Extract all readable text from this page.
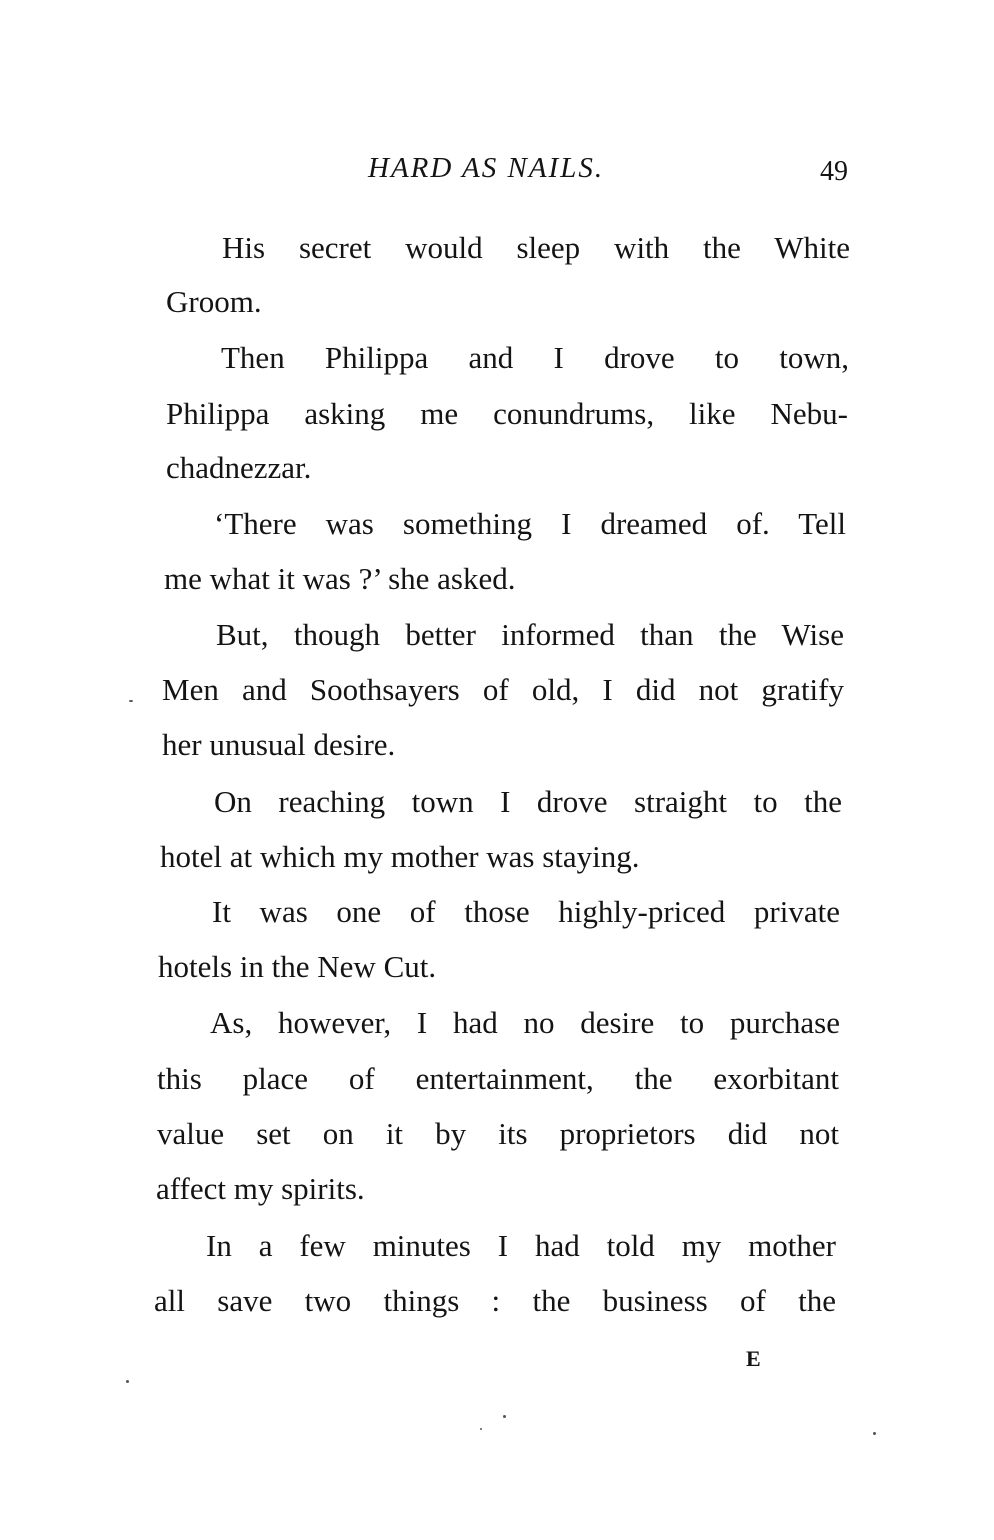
HARD AS NAILS.	49
His secret would sleep with the White
Groom.
Then Philippa and I drove to town,
Philippa asking me conundrums, like Nebu-
chadnezzar.
‘There was something I dreamed of. Tell
me what it was ?’ she asked.
But, though better informed than the Wise
Men and Soothsayers of old, I did not gratify
her unusual desire.
On reaching town I drove straight to the
hotel at which my mother was staying.
It was one of those highly-priced private
hotels in the New Cut.
As, however, I had no desire to purchase
this place of entertainment, the exorbitant
value set on it by its proprietors did not
affect my spirits.
In a few minutes I had told my mother
all save two things : the business of the
E
